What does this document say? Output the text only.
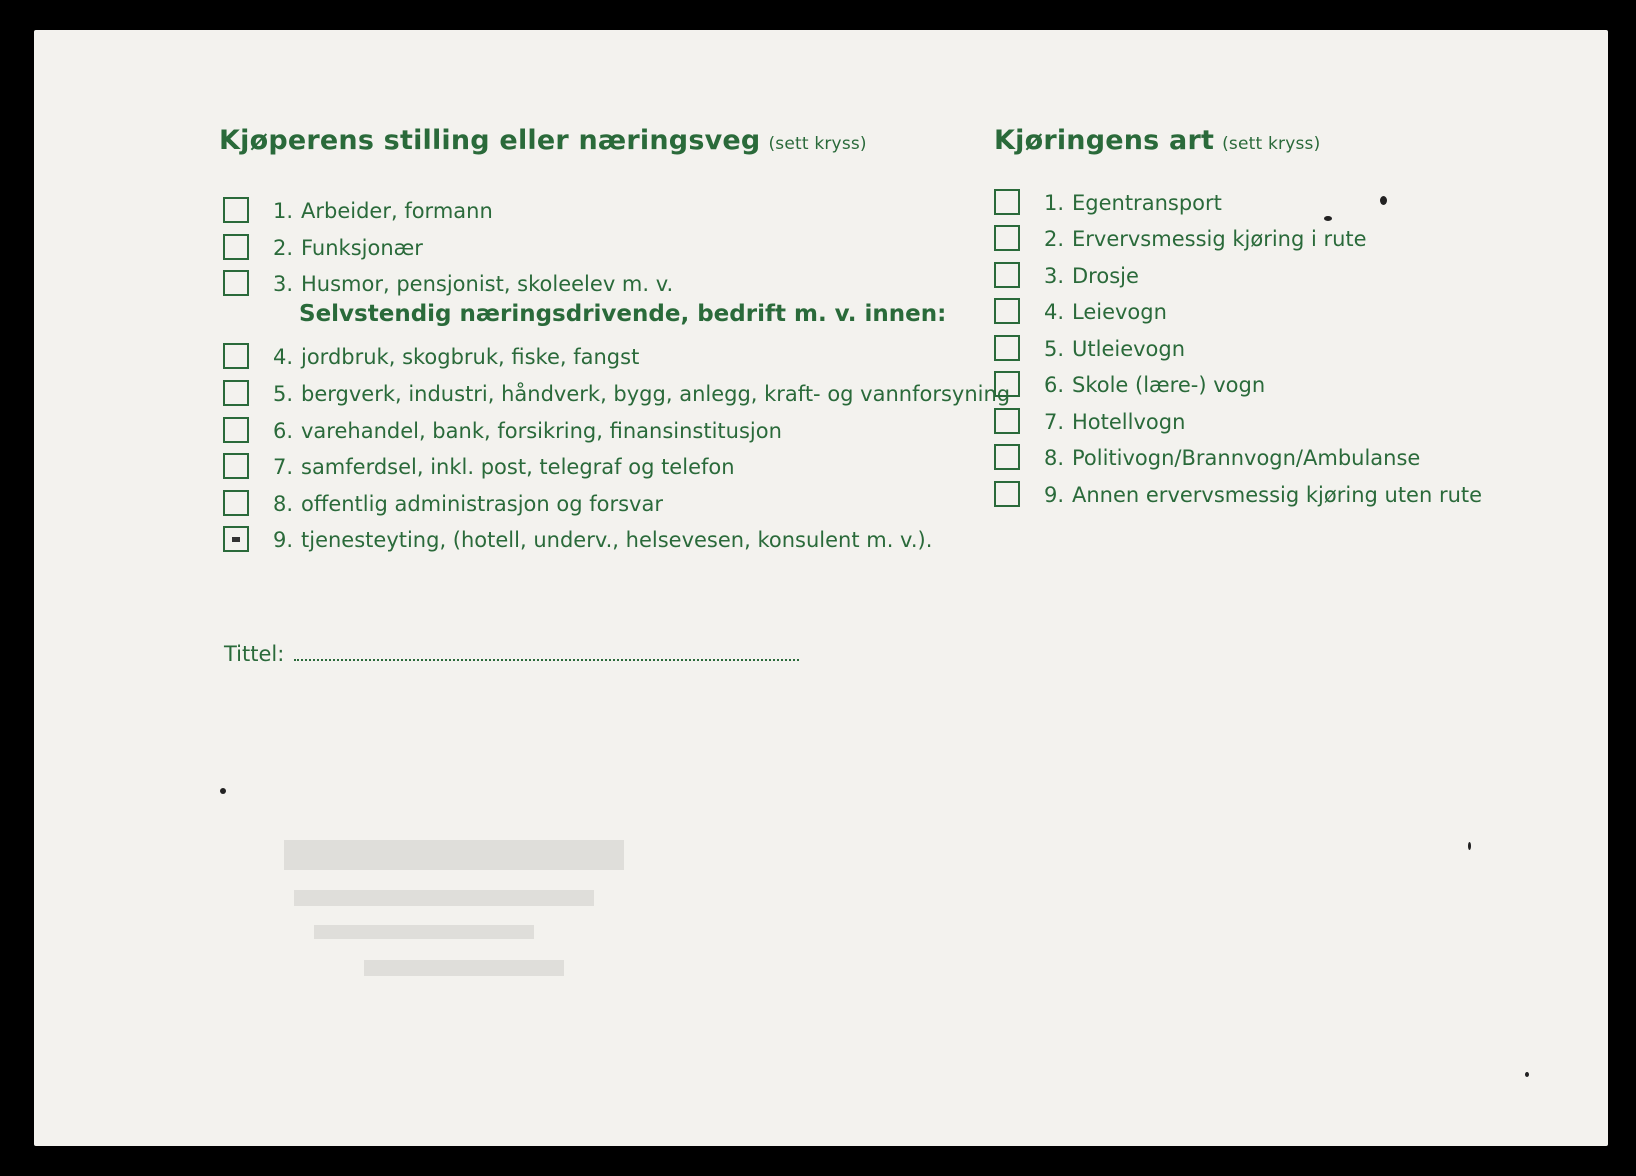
Kjøperens stilling eller næringsveg (sett kryss)
1. Arbeider, formann
2. Funksjonær
3. Husmor, pensjonist, skoleelev m. v.
Selvstendig næringsdrivende, bedrift m. v. innen:
4. jordbruk, skogbruk, fiske, fangst
5. bergverk, industri, håndverk, bygg, anlegg, kraft- og vannforsyning
6. varehandel, bank, forsikring, finansinstitusjon
7. samferdsel, inkl. post, telegraf og telefon
8. offentlig administrasjon og forsvar
9. tjenesteyting, (hotell, underv., helsevesen, konsulent m. v.).
Tittel:
Kjøringens art (sett kryss)
1. Egentransport
2. Ervervsmessig kjøring i rute
3. Drosje
4. Leievogn
5. Utleievogn
6. Skole (lære-) vogn
7. Hotellvogn
8. Politivogn/Brannvogn/Ambulanse
9. Annen ervervsmessig kjøring uten rute
